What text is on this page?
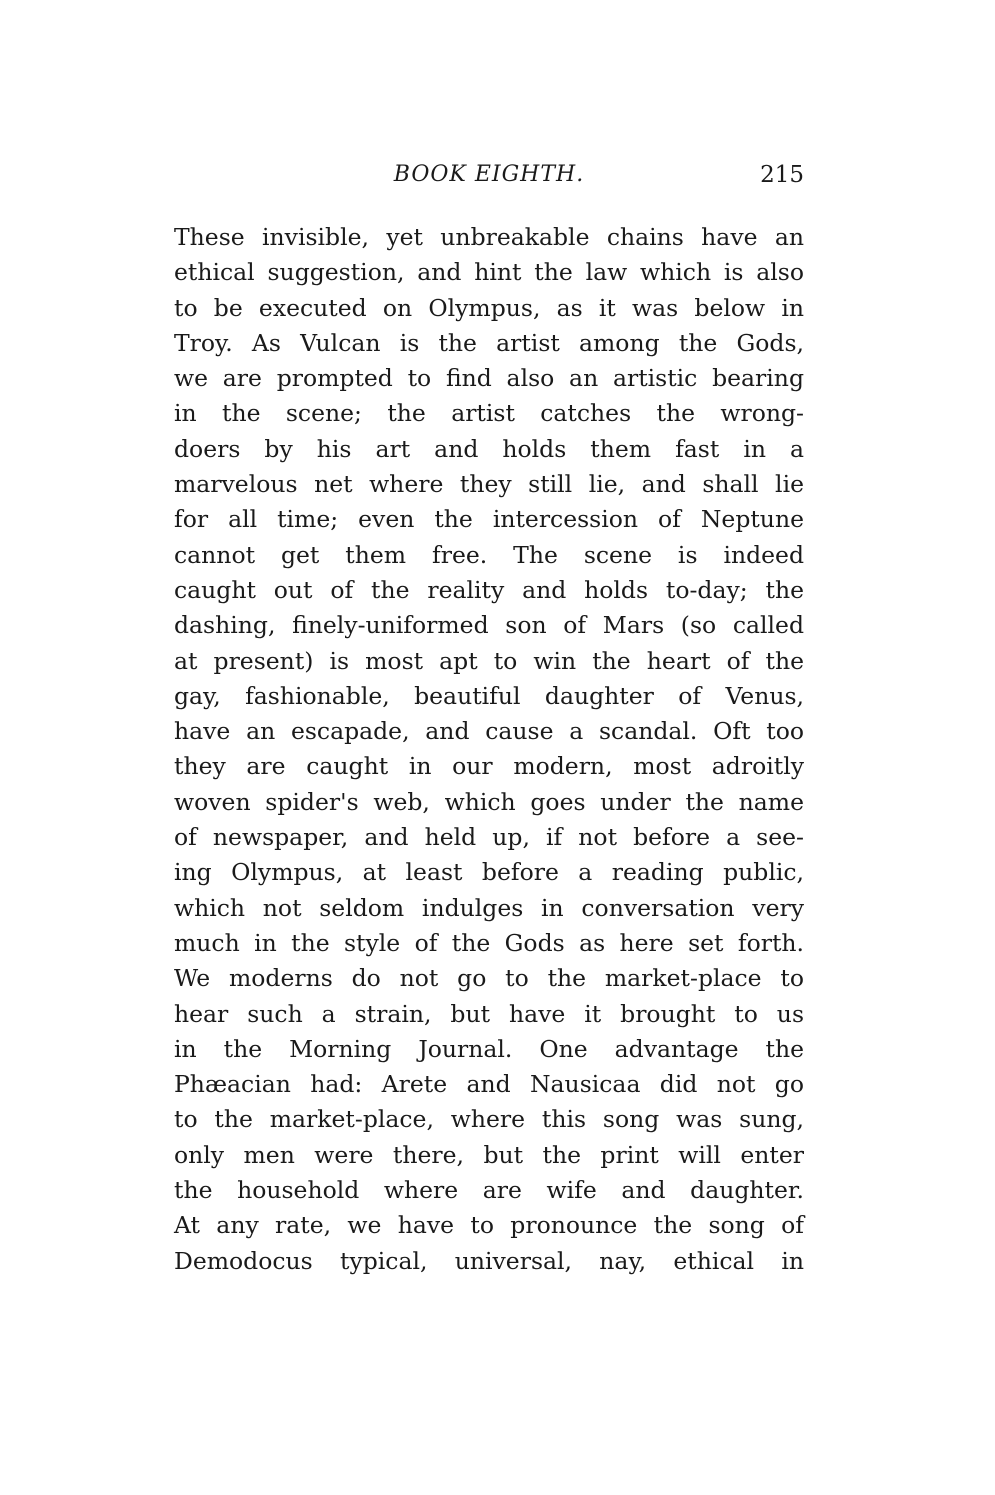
BOOK EIGHTH.	215
These invisible, yet unbreakable chains have an
ethical suggestion, and hint the law which is also
to be executed on Olympus, as it was below in
Troy. As Vulcan is the artist among the Gods,
we are prompted to find also an artistic bearing
in the scene; the artist catches the wrong-
doers by his art and holds them fast in a
marvelous net where they still lie, and shall lie
for all time; even the intercession of Neptune
cannot get them free. The scene is indeed
caught out of the reality and holds to-day; the
dashing, finely-uniformed son of Mars (so called
at present) is most apt to win the heart of the
gay, fashionable, beautiful daughter of Venus,
have an escapade, and cause a scandal. Oft too
they are caught in our modern, most adroitly
woven spider's web, which goes under the name
of newspaper, and held up, if not before a see-
ing Olympus, at least before a reading public,
which not seldom indulges in conversation very
much in the style of the Gods as here set forth.
We moderns do not go to the market-place to
hear such a strain, but have it brought to us
in the Morning Journal. One advantage the
Phæacian had: Arete and Nausicaa did not go
to the market-place, where this song was sung,
only men were there, but the print will enter
the household where are wife and daughter.
At any rate, we have to pronounce the song of
Demodocus typical, universal, nay, ethical in
